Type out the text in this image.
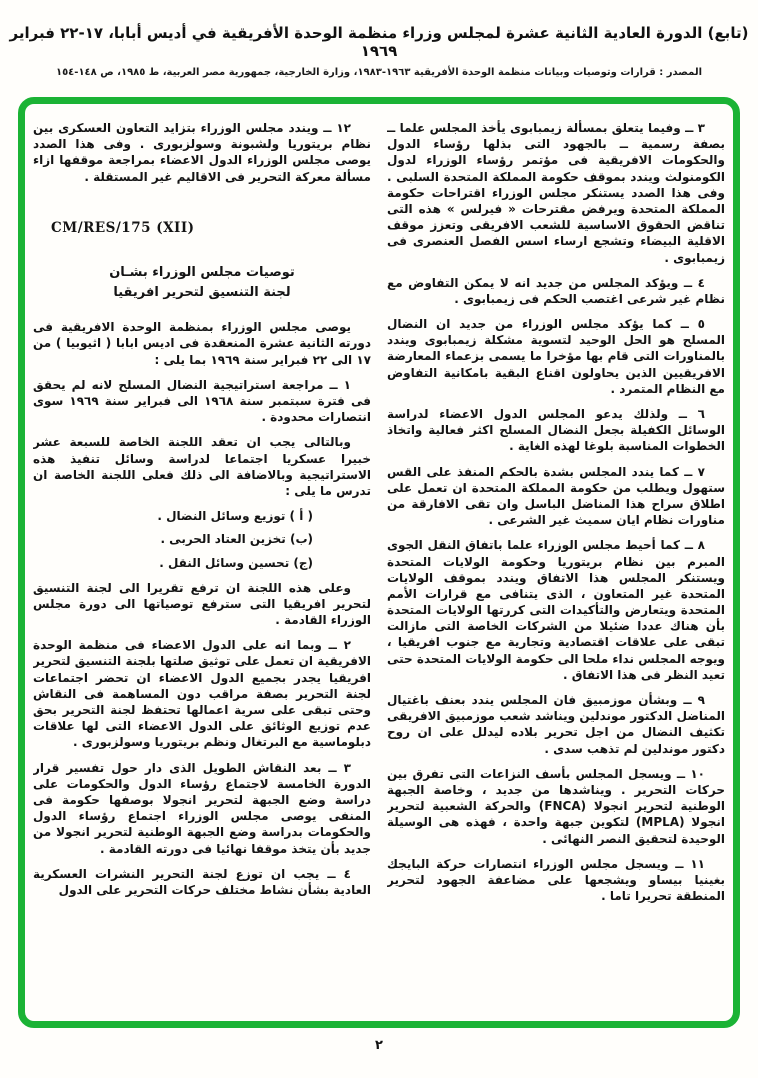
(تابع) الدورة العادية الثانية عشرة لمجلس وزراء منظمة الوحدة الأفريقية في أديس أبابا، ١٧-٢٢ فبراير ١٩٦٩
المصدر : قرارات وتوصيات وبيانات منظمة الوحدة الأفريقية ١٩٦٣-١٩٨٣، وزارة الخارجية، جمهورية مصر العربية، ط ١٩٨٥، ص ١٤٨-١٥٤

٣ ــ وفيما يتعلق بمسألة زيمبابوى يأخذ المجلس علما ــ بصفة رسمية ــ بالجهود التى بذلها رؤساء الدول والحكومات الافريقية فى مؤتمر رؤساء الوزراء لدول الكومنولث ويندد بموقف حكومة المملكة المتحدة السلبى . وفى هذا الصدد يستنكر مجلس الوزراء اقتراحات حكومة المملكة المتحدة ويرفض مقترحات « فيرلس » هذه التى تناقض الحقوق الاساسية للشعب الافريقى وتعزز موقف الاقلية البيضاء وتشجع ارساء اسس الفصل العنصرى فى زيمبابوى .

٤ ــ ويؤكد المجلس من جديد انه لا يمكن التفاوض مع نظام غير شرعى اغتصب الحكم فى زيمبابوى .

٥ ــ كما يؤكد مجلس الوزراء من جديد ان النضال المسلح هو الحل الوحيد لتسوية مشكلة زيمبابوى ويندد بالمناورات التى قام بها مؤخرا ما يسمى بزعماء المعارضة الافريقيين الذين يحاولون اقناع البقية بامكانية التفاوض مع النظام المتمرد .

٦ ــ ولذلك يدعو المجلس الدول الاعضاء لدراسة الوسائل الكفيلة بجعل النضال المسلح اكثر فعالية واتخاذ الخطوات المناسبة بلوغا لهذه الغاية .

٧ ــ كما يندد المجلس بشدة بالحكم المنفذ على القس ستهول ويطلب من حكومة المملكة المتحدة ان تعمل على اطلاق سراح هذا المناضل الباسل وان تقى الافارقة من مناورات نظام ايان سميث غير الشرعى .

٨ ــ كما أحيط مجلس الوزراء علما باتفاق النقل الجوى المبرم بين نظام بريتوريا وحكومة الولايات المتحدة ويستنكر المجلس هذا الاتفاق ويندد بموقف الولايات المتحدة غير المتعاون ، الذى يتنافى مع قرارات الأمم المتحدة ويتعارض والتأكيدات التى كررتها الولايات المتحدة بأن هناك عددا ضئيلا من الشركات الخاصة التى مازالت تبقى على علاقات اقتصادية وتجارية مع جنوب افريقيا ، ويوجه المجلس نداء ملحا الى حكومة الولايات المتحدة حتى تعيد النظر فى هذا الاتفاق .

٩ ــ وبشأن موزمبيق فان المجلس يندد بعنف باغتيال المناضل الدكتور موندلين ويناشد شعب موزمبيق الافريقى تكثيف النضال من اجل تحرير بلاده ليدلل على ان روح دكتور موندلين لم تذهب سدى .

١٠ ــ ويسجل المجلس بأسف النزاعات التى تفرق بين حركات التحرير . ويناشدها من جديد ، وخاصة الجبهة الوطنية لتحرير انجولا (FNCA) والحركة الشعبية لتحرير انجولا (MPLA) لتكوين جبهة واحدة ، فهذه هى الوسيلة الوحيدة لتحقيق النصر النهائى .

١١ ــ ويسجل مجلس الوزراء انتصارات حركة البايجك بغينيا بيساو ويشجعها على مضاعفة الجهود لتحرير المنطقة تحريرا تاما .

١٢ ــ ويندد مجلس الوزراء بتزايد التعاون العسكرى بين نظام بريتوريا ولشبونة وسولزبورى . وفى هذا الصدد يوصى مجلس الوزراء الدول الاعضاء بمراجعة موقفها ازاء مسألة معركة التحرير فى الاقاليم غير المستقلة .

CM/RES/175 (XII)
توصيات مجلس الوزراء بشـان
لجنة التنسيق لتحرير افريقيا

يوصى مجلس الوزراء بمنظمة الوحدة الافريقية فى دورته الثانية عشرة المنعقدة فى اديس ابابا ( اثيوبيا ) من ١٧ الى ٢٢ فبراير سنة ١٩٦٩ بما يلى :

١ ــ مراجعة استراتيجية النضال المسلح لانه لم يحقق فى فترة سبتمبر سنة ١٩٦٨ الى فبراير سنة ١٩٦٩ سوى انتصارات محدودة .

وبالتالى يجب ان تعقد اللجنة الخاصة للسبعة عشر خبيرا عسكريا اجتماعا لدراسة وسائل تنفيذ هذه الاستراتيجية وبالاضافة الى ذلك فعلى اللجنة الخاصة ان تدرس ما يلى :

( أ ) توزيع وسائل النضال .
(ب) تخزين العتاد الحربى .
(ج) تحسين وسائل النقل .

وعلى هذه اللجنة ان ترفع تقريرا الى لجنة التنسيق لتحرير افريقيا التى سترفع توصياتها الى دورة مجلس الوزراء القادمة .

٢ ــ وبما انه على الدول الاعضاء فى منظمة الوحدة الافريقية ان تعمل على توثيق صلتها بلجنة التنسيق لتحرير افريقيا يجدر بجميع الدول الاعضاء ان تحضر اجتماعات لجنة التحرير بصفة مراقب دون المساهمة فى النقاش وحتى تبقى على سرية اعمالها تحتفظ لجنة التحرير بحق عدم توزيع الوثائق على الدول الاعضاء التى لها علاقات دبلوماسية مع البرتغال ونظم بريتوريا وسولزبورى .

٣ ــ بعد النقاش الطويل الذى دار حول تفسير قرار الدورة الخامسة لاجتماع رؤساء الدول والحكومات على دراسة وضع الجبهة لتحرير انجولا بوصفها حكومة فى المنفى يوصى مجلس الوزراء اجتماع رؤساء الدول والحكومات بدراسة وضع الجبهة الوطنية لتحرير انجولا من جديد بأن يتخذ موقفا نهائيا فى دورته القادمة .

٤ ــ يجب ان توزع لجنة التحرير النشرات العسكرية العادية بشأن نشاط مختلف حركات التحرير على الدول

٢
